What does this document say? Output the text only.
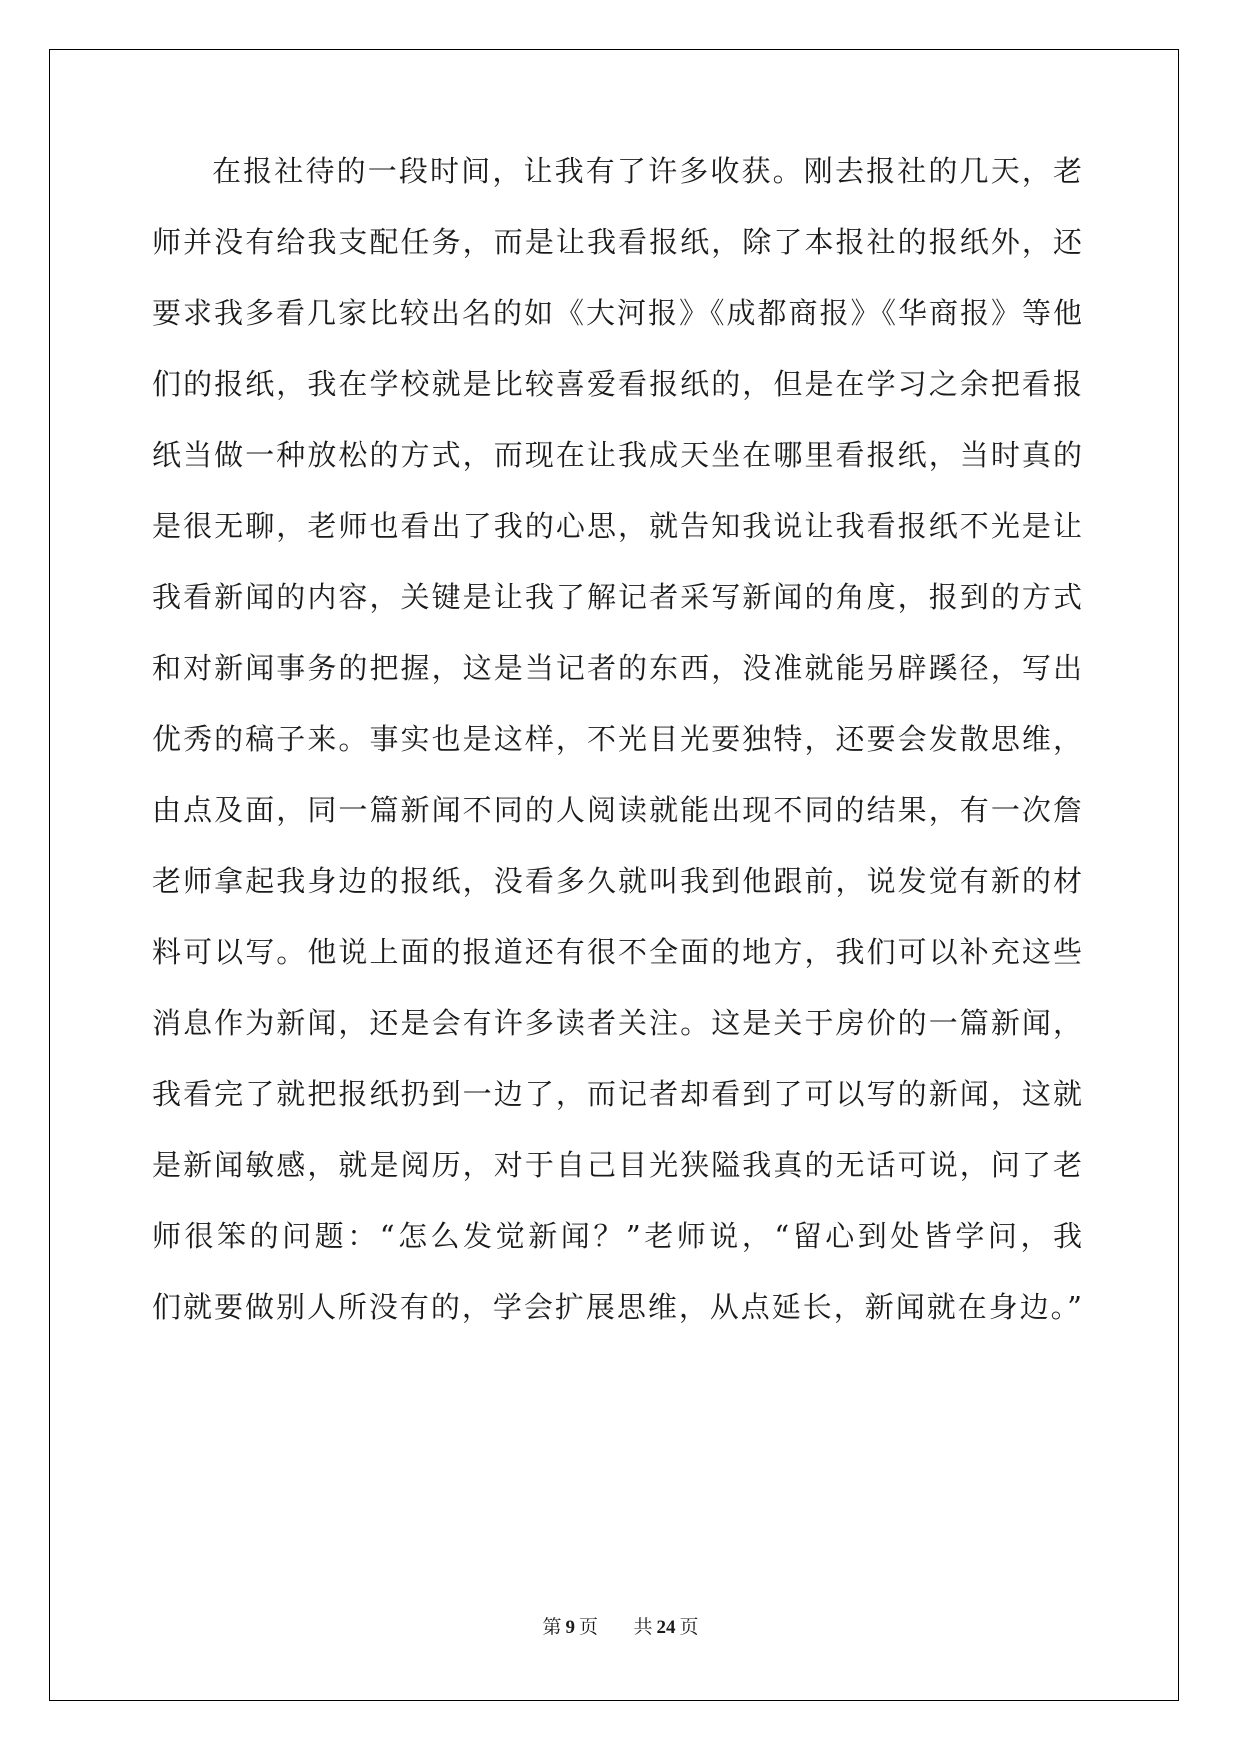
在报社待的一段时间，让我有了许多收获。刚去报社的几天，老
师并没有给我支配任务，而是让我看报纸，除了本报社的报纸外，还
要求我多看几家比较出名的如《大河报》《成都商报》《华商报》等他
们的报纸，我在学校就是比较喜爱看报纸的，但是在学习之余把看报
纸当做一种放松的方式，而现在让我成天坐在哪里看报纸，当时真的
是很无聊，老师也看出了我的心思，就告知我说让我看报纸不光是让
我看新闻的内容，关键是让我了解记者采写新闻的角度，报到的方式
和对新闻事务的把握，这是当记者的东西，没准就能另辟蹊径，写出
优秀的稿子来。事实也是这样，不光目光要独特，还要会发散思维，
由点及面，同一篇新闻不同的人阅读就能出现不同的结果，有一次詹
老师拿起我身边的报纸，没看多久就叫我到他跟前，说发觉有新的材
料可以写。他说上面的报道还有很不全面的地方，我们可以补充这些
消息作为新闻，还是会有许多读者关注。这是关于房价的一篇新闻，
我看完了就把报纸扔到一边了，而记者却看到了可以写的新闻，这就
是新闻敏感，就是阅历，对于自己目光狭隘我真的无话可说，问了老
师很笨的问题：“怎么发觉新闻？”老师说，“留心到处皆学问，我
们就要做别人所没有的，学会扩展思维，从点延长，新闻就在身边。”
第 9 页 共 24 页
